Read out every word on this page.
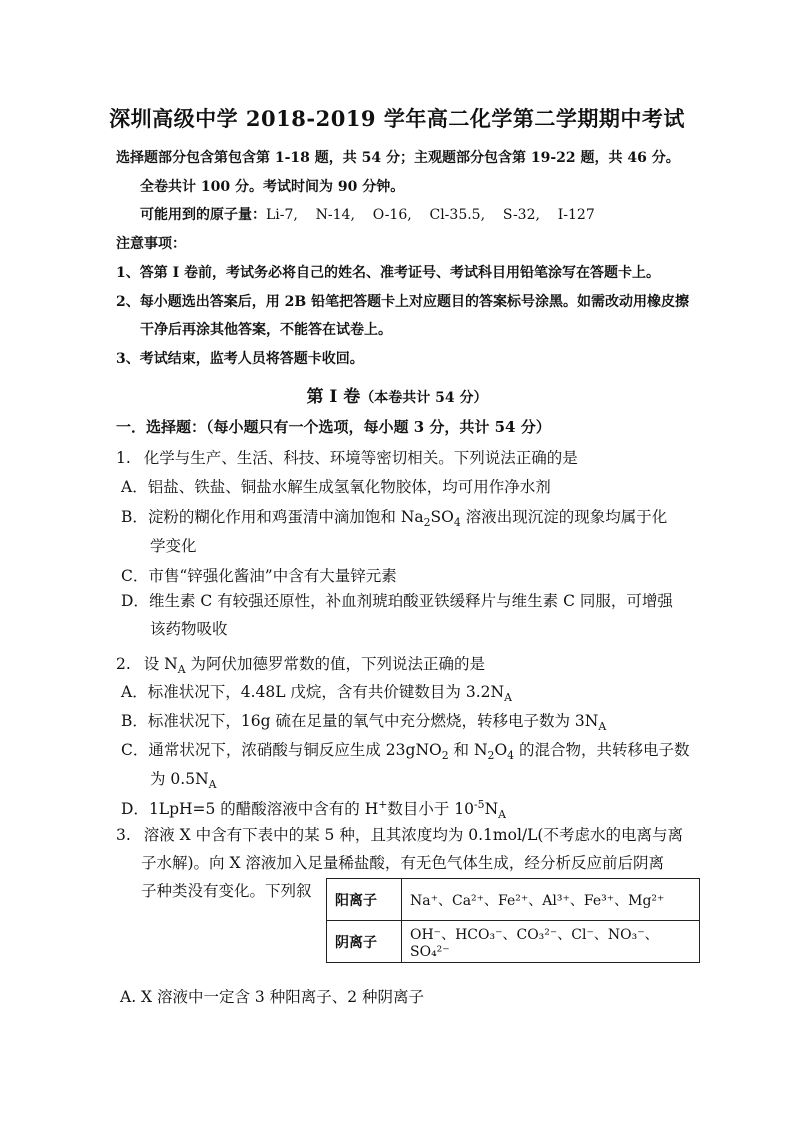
深圳高级中学 2018-2019 学年高二化学第二学期期中考试
选择题部分包含第包含第 1-18 题，共 54 分；主观题部分包含第 19-22 题，共 46 分。
全卷共计 100 分。考试时间为 90 分钟。
可能用到的原子量：Li-7,    N-14,    O-16,    Cl-35.5,    S-32,    I-127
注意事项：
1、答第 I 卷前，考试务必将自己的姓名、准考证号、考试科目用铅笔涂写在答题卡上。
2、每小题选出答案后，用 2B 铅笔把答题卡上对应题目的答案标号涂黑。如需改动用橡皮擦
干净后再涂其他答案，不能答在试卷上。
3、考试结束，监考人员将答题卡收回。
第 I 卷（本卷共计 54 分）
一．选择题：（每小题只有一个选项，每小题 3 分，共计 54 分）
1. 化学与生产、生活、科技、环境等密切相关。下列说法正确的是
A．铝盐、铁盐、铜盐水解生成氢氧化物胶体，均可用作净水剂
B．淀粉的糊化作用和鸡蛋清中滴加饱和 $Na_2SO_4$ 溶液出现沉淀的现象均属于化
学变化
C．市售“锌强化酱油”中含有大量锌元素
D．维生素 C 有较强还原性，补血剂琥珀酸亚铁缓释片与维生素 C 同服，可增强
该药物吸收
2. 设 $N_A$ 为阿伏加德罗常数的值，下列说法正确的是
A．标准状况下，4.48L 戊烷，含有共价键数目为 $3.2N_A$
B．标准状况下，16g 硫在足量的氧气中充分燃烧，转移电子数为 $3N_A$
C．通常状况下，浓硝酸与铜反应生成 23gNO$_2$ 和 $N_2O_4$ 的混合物，共转移电子数
为 $0.5N_A$
D．1LpH=5 的醋酸溶液中含有的 H+数目小于 $10^{-5}N_A$
3. 溶液 X 中含有下表中的某 5 种，且其浓度均为 0.1mol/L(不考虑水的电离与离
子水解)。向 X 溶液加入足量稀盐酸，有无色气体生成，经分析反应前后阴离
子种类没有变化。下列叙
阳离子	Na⁺、Ca²⁺、Fe²⁺、Al³⁺、Fe³⁺、Mg²⁺
阴离子	OH⁻、HCO₃⁻、CO₃²⁻、Cl⁻、NO₃⁻、SO₄²⁻
A. X 溶液中一定含 3 种阳离子、2 种阴离子
